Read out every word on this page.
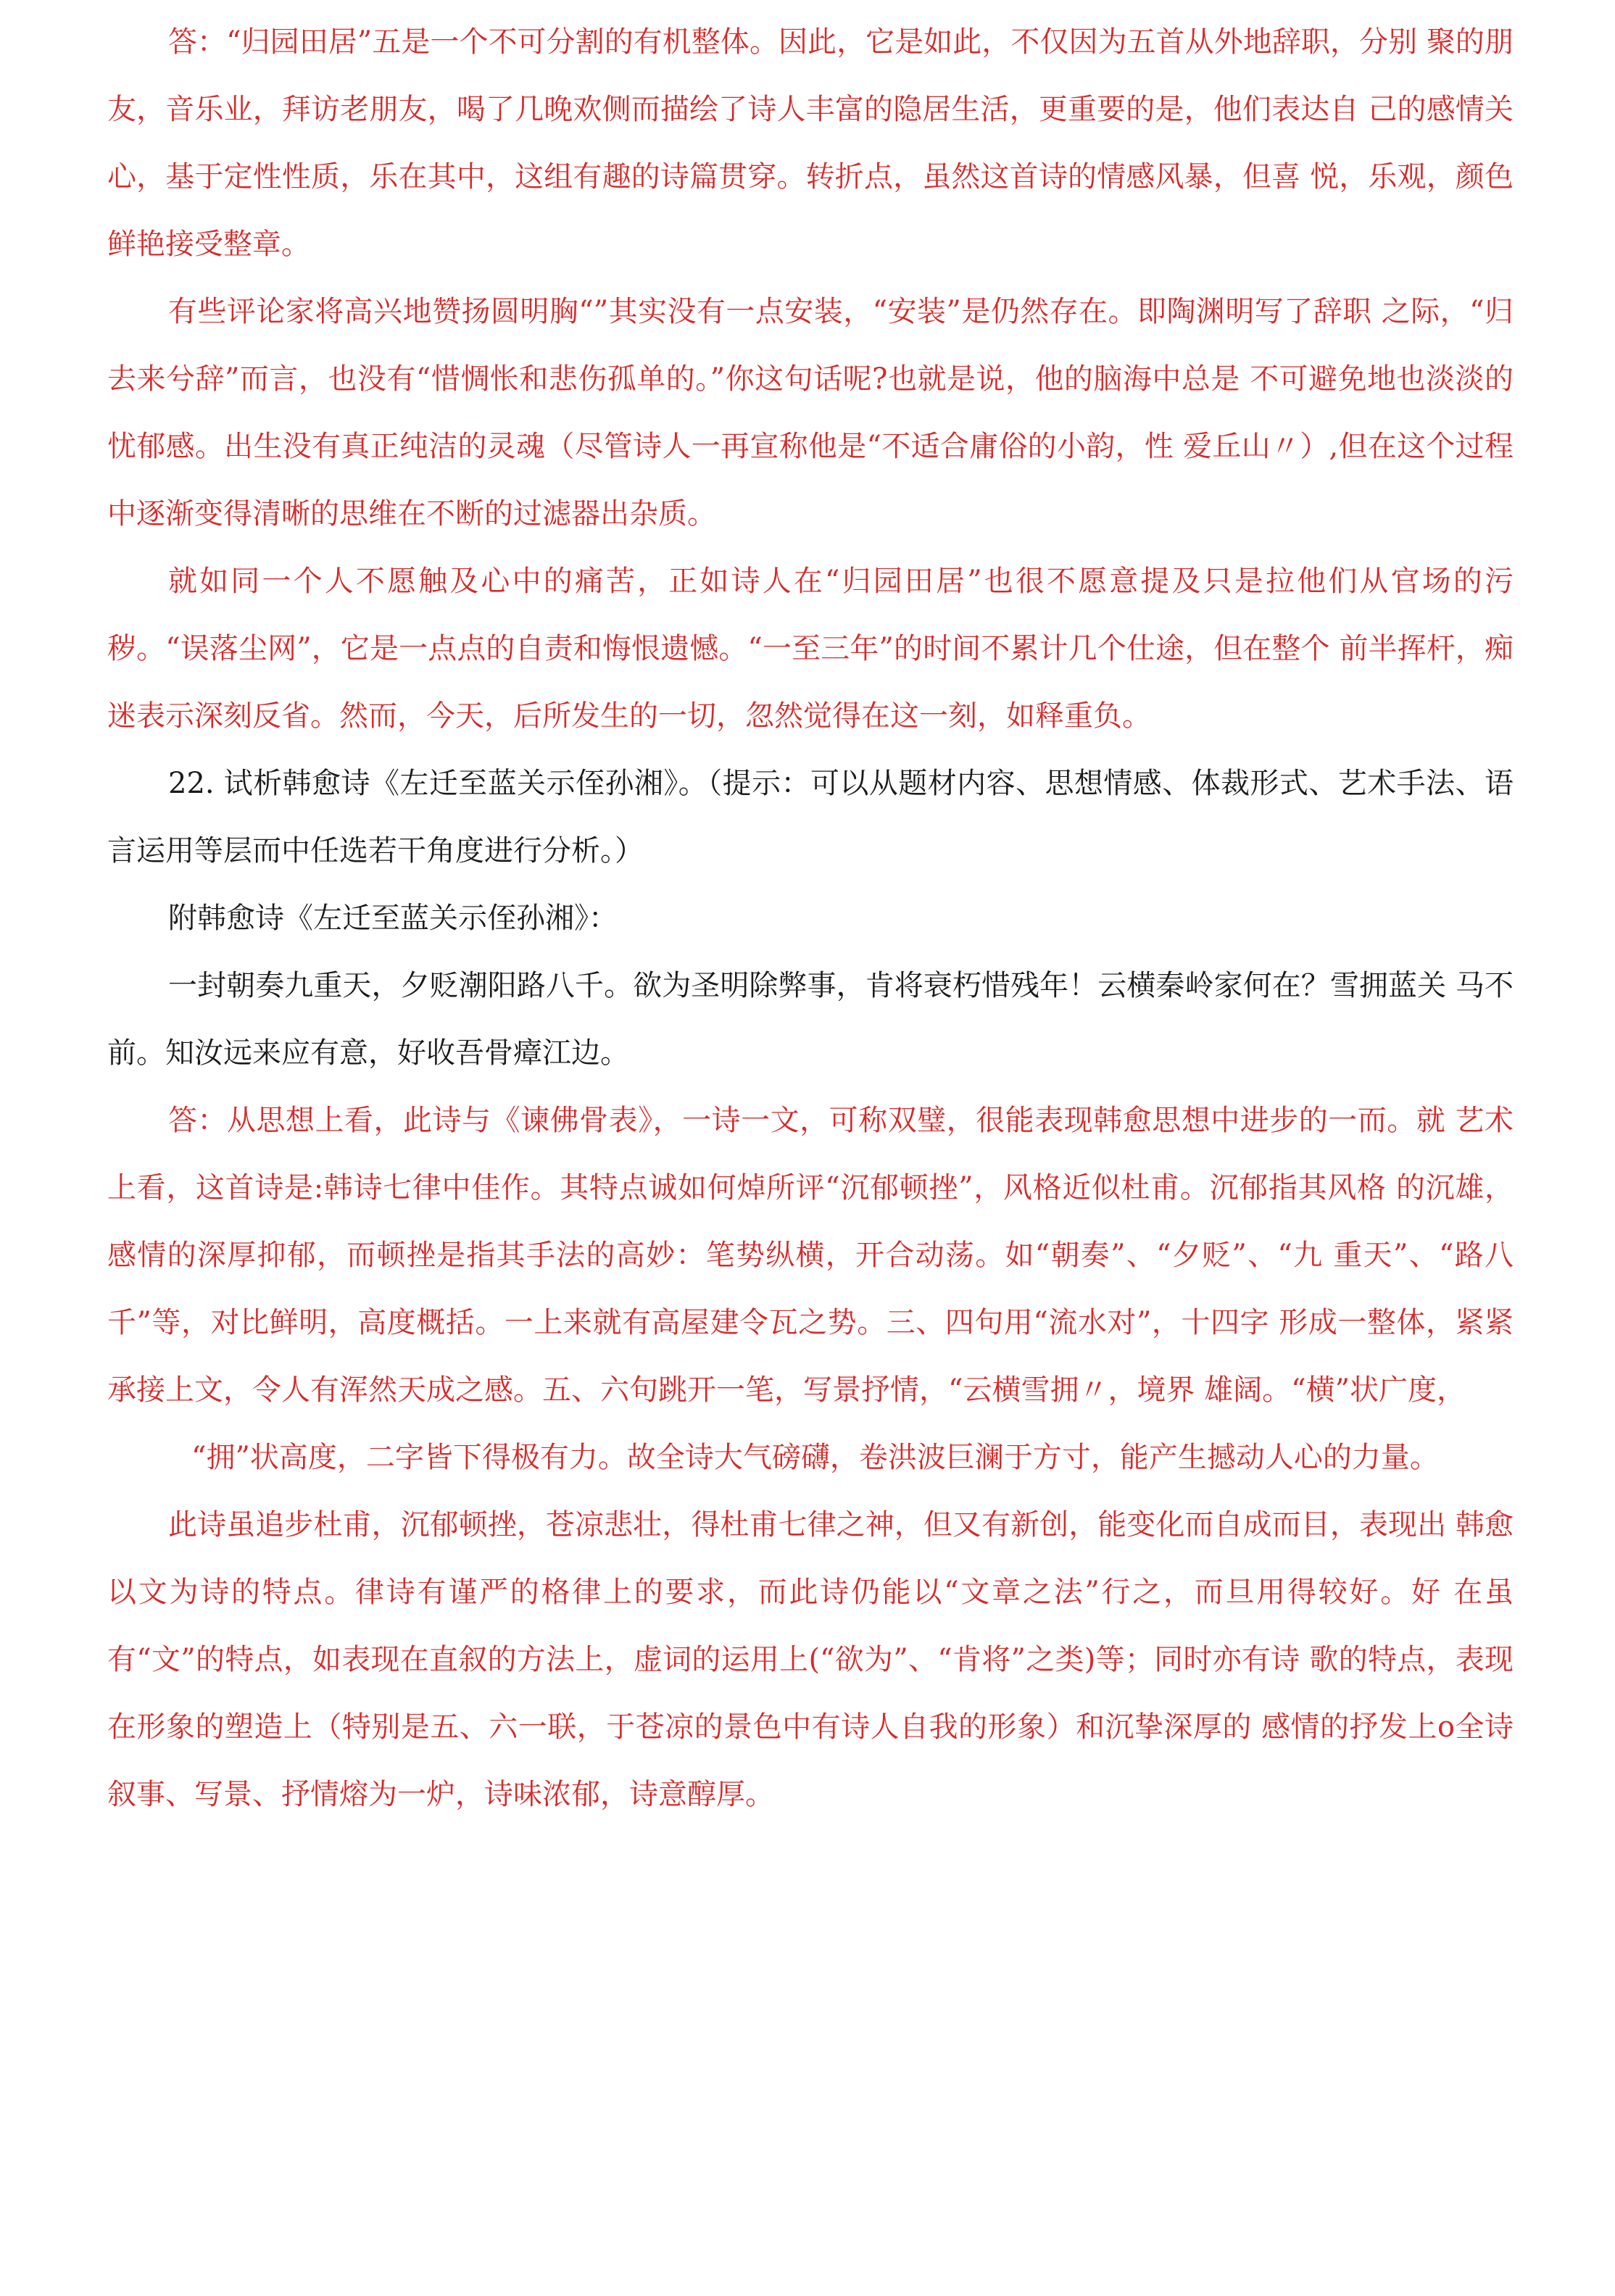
答：“归园田居”五是一个不可分割的有机整体。因此，它是如此，不仅因为五首从外地辞职，分别 聚的朋友，音乐业，拜访老朋友，喝了几晚欢侧而描绘了诗人丰富的隐居生活，更重要的是，他们表达自 己的感情关心，基于定性性质，乐在其中，这组有趣的诗篇贯穿。转折点，虽然这首诗的情感风暴，但喜 悦，乐观，颜色鲜艳接受整章。

有些评论家将高兴地赞扬圆明胸“”其实没有一点安装，“安装”是仍然存在。即陶渊明写了辞职 之际，“归去来兮辞”而言，也没有“惜惆怅和悲伤孤单的。”你这句话呢?也就是说，他的脑海中总是 不可避免地也淡淡的忧郁感。出生没有真正纯洁的灵魂（尽管诗人一再宣称他是“不适合庸俗的小韵，性 爱丘山〃）,但在这个过程中逐渐变得清晰的思维在不断的过滤器出杂质。

就如同一个人不愿触及心中的痛苦，正如诗人在“归园田居”也很不愿意提及只是拉他们从官场的污 秽。“误落尘网”，它是一点点的自责和悔恨遗憾。“一至三年”的时间不累计几个仕途，但在整个 前半挥杆，痴迷表示深刻反省。然而，今天，后所发生的一切，忽然觉得在这一刻，如释重负。

22. 试析韩愈诗《左迁至蓝关示侄孙湘》。（提示：可以从题材内容、思想情感、体裁形式、艺术手法、语言运用等层而中任选若干角度进行分析。）

附韩愈诗《左迁至蓝关示侄孙湘》：

一封朝奏九重天，夕贬潮阳路八千。欲为圣明除弊事，肯将衰朽惜残年！云横秦岭家何在？雪拥蓝关 马不前。知汝远来应有意，好收吾骨瘴江边。

答：从思想上看，此诗与《谏佛骨表》，一诗一文，可称双璧，很能表现韩愈思想中进步的一而。就 艺术上看，这首诗是:韩诗七律中佳作。其特点诚如何焯所评“沉郁顿挫”，风格近似杜甫。沉郁指其风格 的沉雄，感情的深厚抑郁，而顿挫是指其手法的高妙：笔势纵横，开合动荡。如“朝奏”、“夕贬”、“九 重天”、“路八千”等，对比鲜明，高度概括。一上来就有高屋建令瓦之势。三、四句用“流水对”，十四字 形成一整体，紧紧承接上文，令人有浑然天成之感。五、六句跳开一笔，写景抒情，“云横雪拥〃，境界 雄阔。“横”状广度，

“拥”状高度，二字皆下得极有力。故全诗大气磅礴，卷洪波巨澜于方寸，能产生撼动人心的力量。

此诗虽追步杜甫，沉郁顿挫，苍凉悲壮，得杜甫七律之神，但又有新创，能变化而自成而目，表现出 韩愈以文为诗的特点。律诗有谨严的格律上的要求，而此诗仍能以“文章之法”行之，而旦用得较好。好 在虽有“文”的特点，如表现在直叙的方法上，虚词的运用上(“欲为”、“肯将”之类)等；同时亦有诗 歌的特点，表现在形象的塑造上（特别是五、六一联，于苍凉的景色中有诗人自我的形象）和沉挚深厚的 感情的抒发上o全诗叙事、写景、抒情熔为一炉，诗味浓郁，诗意醇厚。
